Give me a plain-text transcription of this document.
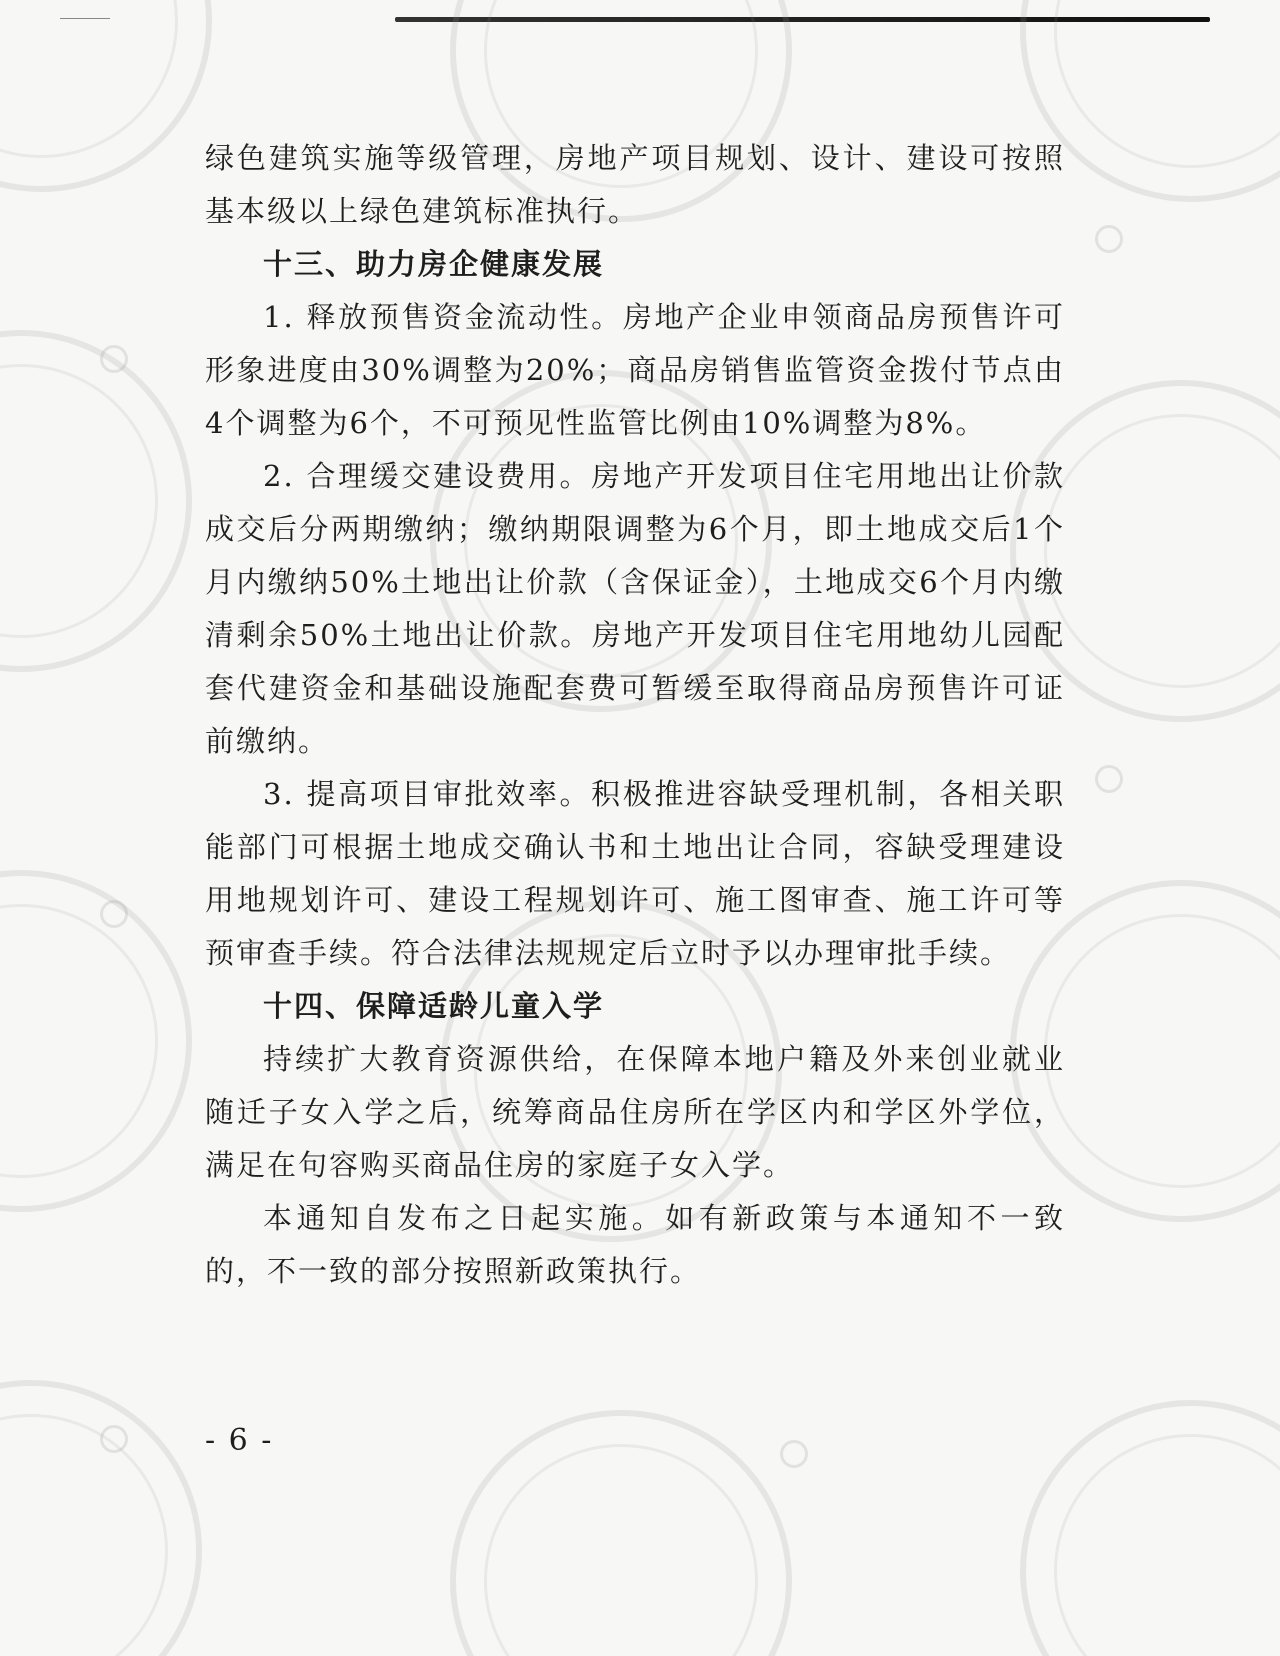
绿色建筑实施等级管理，房地产项目规划、设计、建设可按照基本级以上绿色建筑标准执行。

十三、助力房企健康发展

1. 释放预售资金流动性。房地产企业申领商品房预售许可形象进度由30%调整为20%；商品房销售监管资金拨付节点由4个调整为6个，不可预见性监管比例由10%调整为8%。

2. 合理缓交建设费用。房地产开发项目住宅用地出让价款成交后分两期缴纳；缴纳期限调整为6个月，即土地成交后1个月内缴纳50%土地出让价款（含保证金），土地成交6个月内缴清剩余50%土地出让价款。房地产开发项目住宅用地幼儿园配套代建资金和基础设施配套费可暂缓至取得商品房预售许可证前缴纳。

3. 提高项目审批效率。积极推进容缺受理机制，各相关职能部门可根据土地成交确认书和土地出让合同，容缺受理建设用地规划许可、建设工程规划许可、施工图审查、施工许可等预审查手续。符合法律法规规定后立时予以办理审批手续。

十四、保障适龄儿童入学

持续扩大教育资源供给，在保障本地户籍及外来创业就业随迁子女入学之后，统筹商品住房所在学区内和学区外学位，满足在句容购买商品住房的家庭子女入学。

本通知自发布之日起实施。如有新政策与本通知不一致的，不一致的部分按照新政策执行。

- 6 -
